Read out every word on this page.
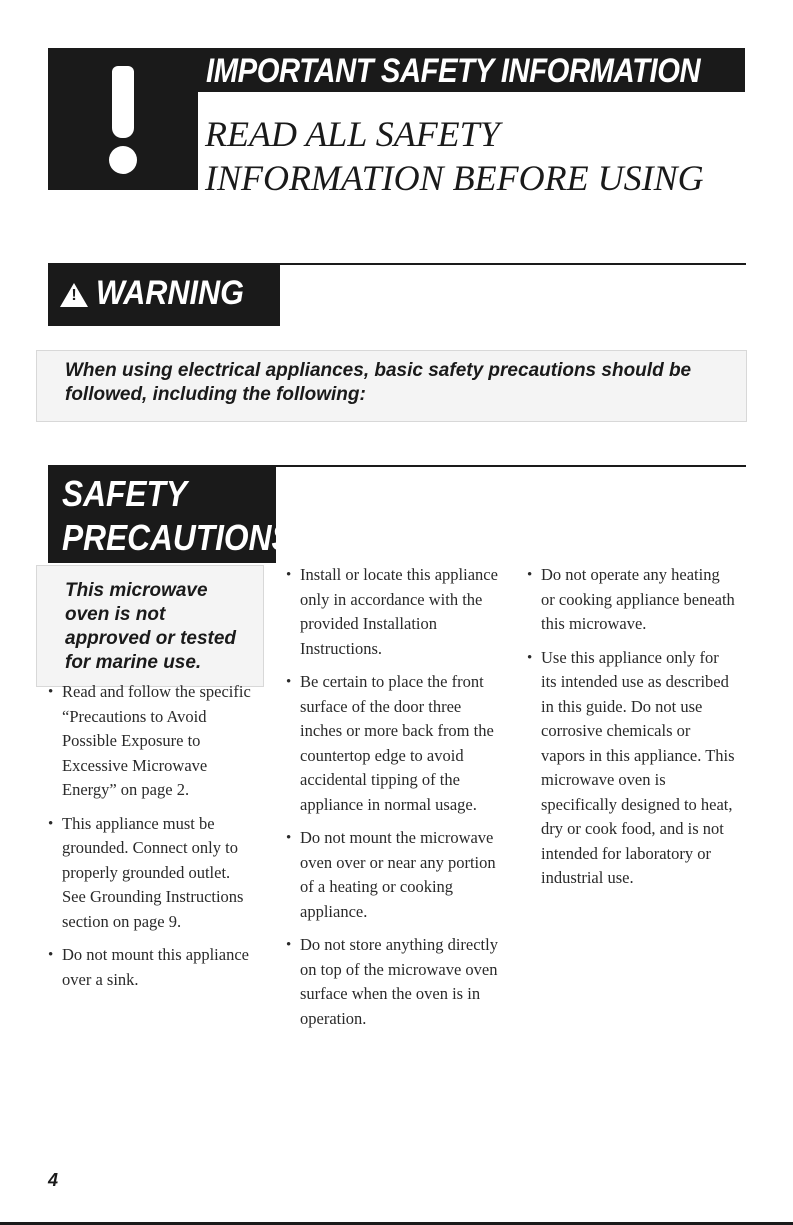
IMPORTANT SAFETY INFORMATION
READ ALL SAFETY
INFORMATION BEFORE USING
! WARNING
When using electrical appliances, basic safety precautions should be followed, including the following:
SAFETY
PRECAUTIONS
This microwave oven is not approved or tested for marine use.
• Read and follow the specific “Precautions to Avoid Possible Exposure to Excessive Microwave Energy” on page 2.
• This appliance must be grounded. Connect only to properly grounded outlet. See Grounding Instructions section on page 9.
• Do not mount this appliance over a sink.
• Install or locate this appliance only in accordance with the provided Installation Instructions.
• Be certain to place the front surface of the door three inches or more back from the countertop edge to avoid accidental tipping of the appliance in normal usage.
• Do not mount the microwave oven over or near any portion of a heating or cooking appliance.
• Do not store anything directly on top of the microwave oven surface when the oven is in operation.
• Do not operate any heating or cooking appliance beneath this microwave.
• Use this appliance only for its intended use as described in this guide. Do not use corrosive chemicals or vapors in this appliance. This microwave oven is specifically designed to heat, dry or cook food, and is not intended for laboratory or industrial use.
4
